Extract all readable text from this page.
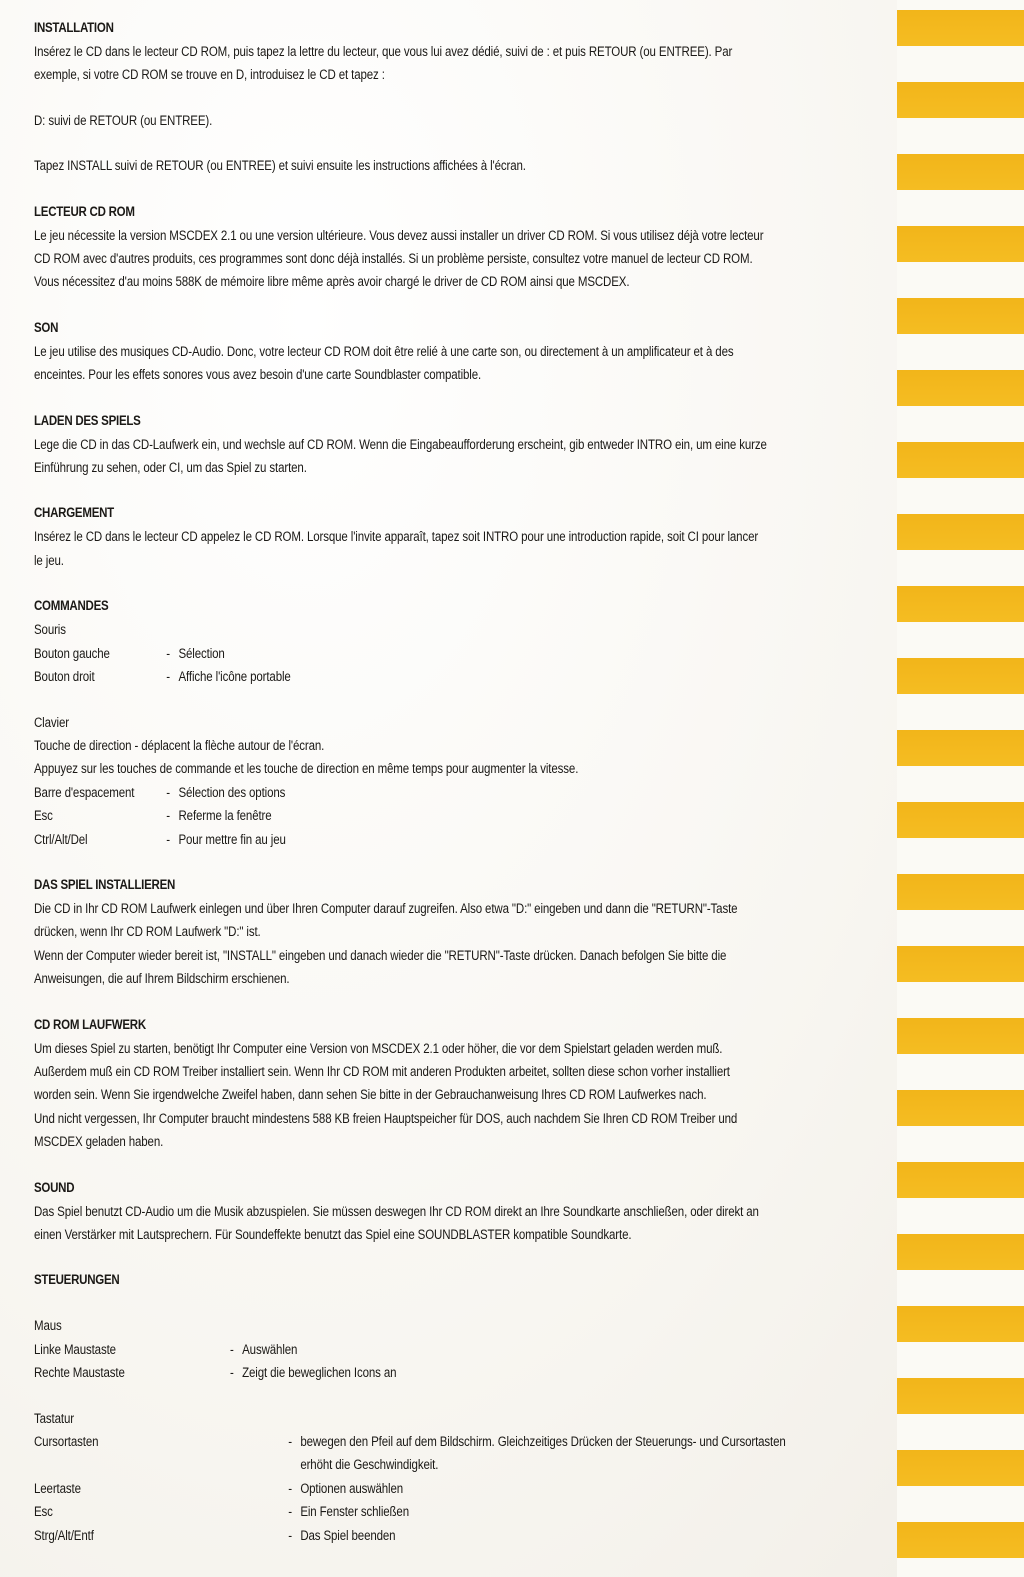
INSTALLATION

Insérez le CD dans le lecteur CD ROM, puis tapez la lettre du lecteur, que vous lui avez dédié, suivi de : et puis RETOUR (ou ENTREE). Par

exemple, si votre CD ROM se trouve en D, introduisez le CD et tapez :

D: suivi de RETOUR (ou ENTREE).

Tapez INSTALL suivi de RETOUR (ou ENTREE) et suivi ensuite les instructions affichées à l'écran.

LECTEUR CD ROM

Le jeu nécessite la version MSCDEX 2.1 ou une version ultérieure. Vous devez aussi installer un driver CD ROM. Si vous utilisez déjà votre lecteur

CD ROM avec d'autres produits, ces programmes sont donc déjà installés. Si un problème persiste, consultez votre manuel de lecteur CD ROM.

Vous nécessitez d'au moins 588K de mémoire libre même après avoir chargé le driver de CD ROM ainsi que MSCDEX.

SON

Le jeu utilise des musiques CD-Audio. Donc, votre lecteur CD ROM doit être relié à une carte son, ou directement à un amplificateur et à des

enceintes. Pour les effets sonores vous avez besoin d'une carte Soundblaster compatible.

LADEN DES SPIELS

Lege die CD in das CD-Laufwerk ein, und wechsle auf CD ROM. Wenn die Eingabeaufforderung erscheint, gib entweder INTRO ein, um eine kurze

Einführung zu sehen, oder CI, um das Spiel zu starten.

CHARGEMENT

Insérez le CD dans le lecteur CD appelez le CD ROM. Lorsque l'invite apparaît, tapez soit INTRO pour une introduction rapide, soit CI pour lancer

le jeu.

COMMANDES

Souris

Bouton gauche	- Sélection
Bouton droit	- Affiche l'icône portable

Clavier

Touche de direction - déplacent la flèche autour de l'écran.

Appuyez sur les touches de commande et les touche de direction en même temps pour augmenter la vitesse.

Barre d'espacement	- Sélection des options
Esc	- Referme la fenêtre
Ctrl/Alt/Del	- Pour mettre fin au jeu
DAS SPIEL INSTALLIEREN

Die CD in Ihr CD ROM Laufwerk einlegen und über Ihren Computer darauf zugreifen. Also etwa "D:" eingeben und dann die "RETURN"-Taste

drücken, wenn Ihr CD ROM Laufwerk "D:" ist.

Wenn der Computer wieder bereit ist, "INSTALL" eingeben und danach wieder die "RETURN"-Taste drücken. Danach befolgen Sie bitte die

Anweisungen, die auf Ihrem Bildschirm erschienen.

CD ROM LAUFWERK

Um dieses Spiel zu starten, benötigt Ihr Computer eine Version von MSCDEX 2.1 oder höher, die vor dem Spielstart geladen werden muß.

Außerdem muß ein CD ROM Treiber installiert sein. Wenn Ihr CD ROM mit anderen Produkten arbeitet, sollten diese schon vorher installiert

worden sein. Wenn Sie irgendwelche Zweifel haben, dann sehen Sie bitte in der Gebrauchanweisung Ihres CD ROM Laufwerkes nach.

Und nicht vergessen, Ihr Computer braucht mindestens 588 KB freien Hauptspeicher für DOS, auch nachdem Sie Ihren CD ROM Treiber und

MSCDEX geladen haben.

SOUND

Das Spiel benutzt CD-Audio um die Musik abzuspielen. Sie müssen deswegen Ihr CD ROM direkt an Ihre Soundkarte anschließen, oder direkt an

einen Verstärker mit Lautsprechern. Für Soundeffekte benutzt das Spiel eine SOUNDBLASTER kompatible Soundkarte.

STEUERUNGEN

Maus

Linke Maustaste	- Auswählen
Rechte Maustaste	- Zeigt die beweglichen Icons an

Tastatur

Cursortasten	- bewegen den Pfeil auf dem Bildschirm. Gleichzeitiges Drücken der Steuerungs- und Cursortasten
erhöht die Geschwindigkeit.
Leertaste	- Optionen auswählen
Esc	- Ein Fenster schließen
Strg/Alt/Entf	- Das Spiel beenden
